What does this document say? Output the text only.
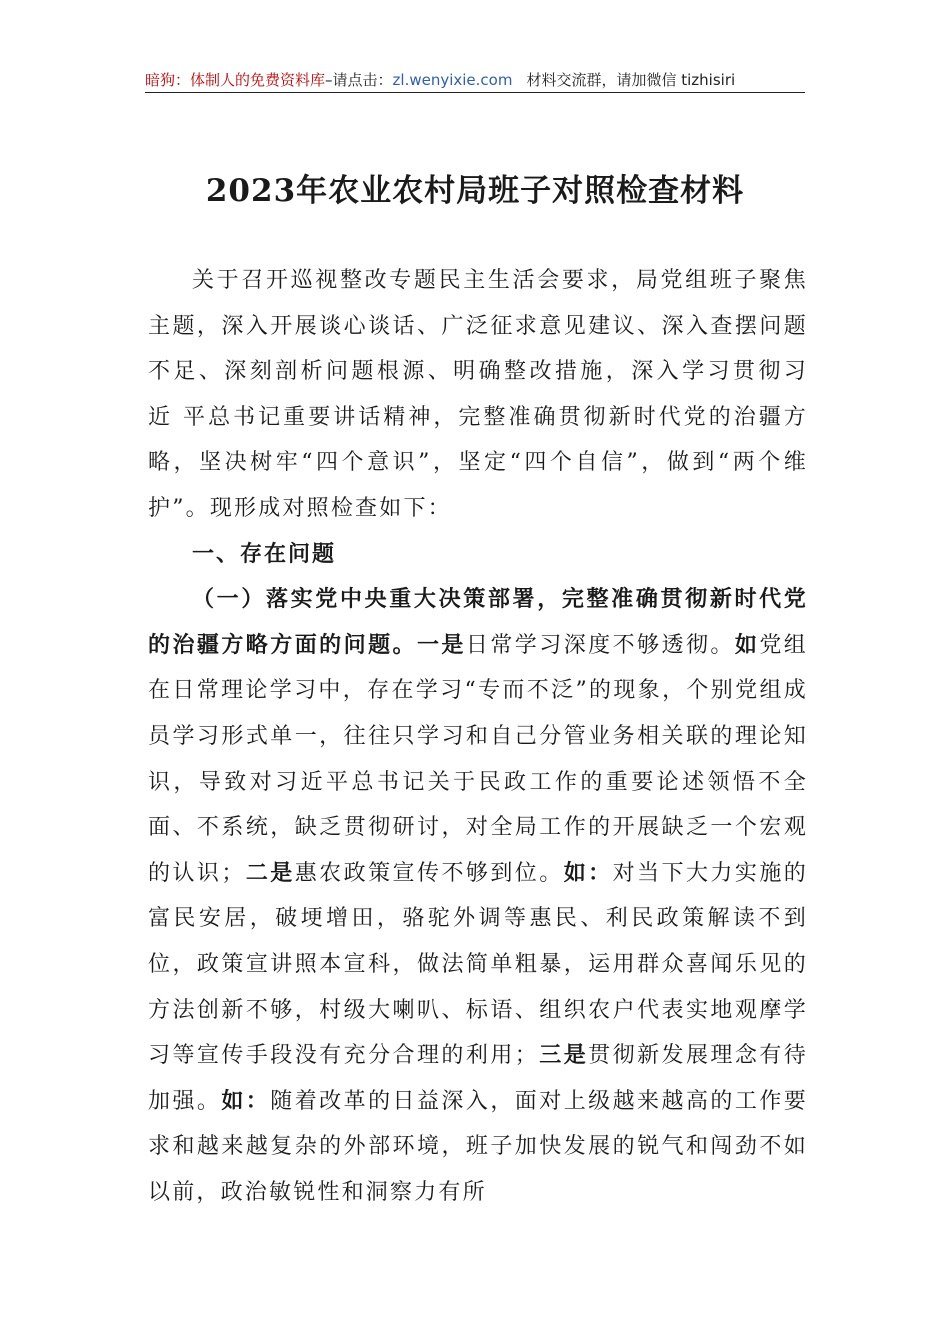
暗狗：体制人的免费资料库–请点击：zl.wenyixie.com 材料交流群，请加微信 tizhisiri
2023年农业农村局班子对照检查材料

关于召开巡视整改专题民主生活会要求，局党组班子聚焦主题，深入开展谈心谈话、广泛征求意见建议、深入查摆问题不足、深刻剖析问题根源、明确整改措施，深入学习贯彻习 近 平总书记重要讲话精神，完整准确贯彻新时代党的治疆方略，坚决树牢“四个意识”，坚定“四个自信”，做到“两个维护”。现形成对照检查如下：

一、存在问题

（一）落实党中央重大决策部署，完整准确贯彻新时代党的治疆方略方面的问题。一是日常学习深度不够透彻。如党组在日常理论学习中，存在学习“专而不泛”的现象，个别党组成员学习形式单一，往往只学习和自己分管业务相关联的理论知识，导致对习近平总书记关于民政工作的重要论述领悟不全面、不系统，缺乏贯彻研讨，对全局工作的开展缺乏一个宏观的认识；二是惠农政策宣传不够到位。如：对当下大力实施的富民安居，破埂增田，骆驼外调等惠民、利民政策解读不到位，政策宣讲照本宣科，做法简单粗暴，运用群众喜闻乐见的方法创新不够，村级大喇叭、标语、组织农户代表实地观摩学习等宣传手段没有充分合理的利用；三是贯彻新发展理念有待加强。如：随着改革的日益深入，面对上级越来越高的工作要求和越来越复杂的外部环境，班子加快发展的锐气和闯劲不如以前，政治敏锐性和洞察力有所
